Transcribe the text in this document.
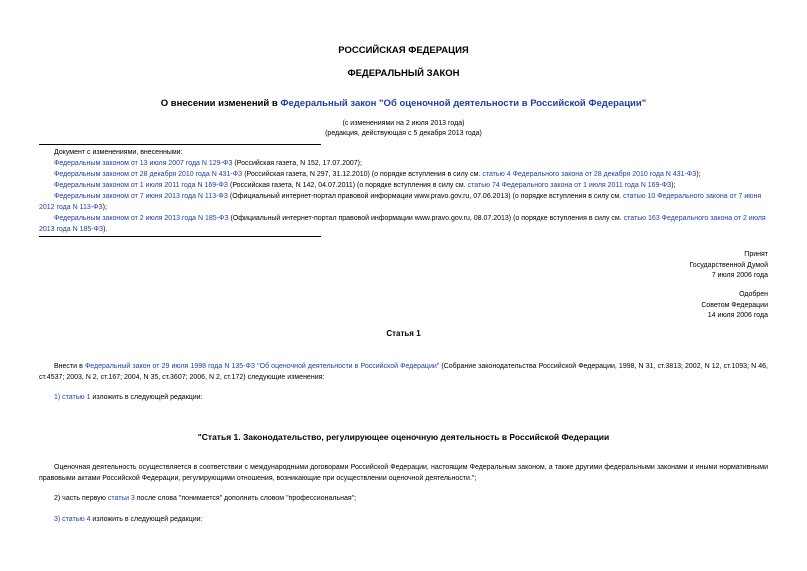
РОССИЙСКАЯ ФЕДЕРАЦИЯ
ФЕДЕРАЛЬНЫЙ ЗАКОН
О внесении изменений в Федеральный закон "Об оценочной деятельности в Российской Федерации"
(с изменениями на 2 июля 2013 года)
(редакция, действующая с 5 декабря 2013 года)
Документ с изменениями, внесенными:
Федеральным законом от 13 июля 2007 года N 129-ФЗ (Российская газета, N 152, 17.07.2007);
Федеральным законом от 28 декабря 2010 года N 431-ФЗ (Российская газета, N 297, 31.12.2010) (о порядке вступления в силу см. статью 4 Федерального закона от 28 декабря 2010 года N 431-ФЗ);
Федеральным законом от 1 июля 2011 года N 169-ФЗ (Российская газета, N 142, 04.07.2011) (о порядке вступления в силу см. статью 74 Федерального закона от 1 июля 2011 года N 169-ФЗ);
Федеральным законом от 7 июня 2013 года N 113-ФЗ (Официальный интернет-портал правовой информации www.pravo.gov.ru, 07.06.2013) (о порядке вступления в силу см. статью 10 Федерального закона от 7 июня 2012 года N 113-ФЗ);
Федеральным законом от 2 июля 2013 года N 185-ФЗ (Официальный интернет-портал правовой информации www.pravo.gov.ru, 08.07.2013) (о порядке вступления в силу см. статью 163 Федерального закона от 2 июля 2013 года N 185-ФЗ).
Принят
Государственной Думой
7 июля 2006 года
Одобрен
Советом Федерации
14 июля 2006 года
Статья 1
Внести в Федеральный закон от 29 июля 1998 года N 135-ФЗ "Об оценочной деятельности в Российской Федерации" (Собрание законодательства Российской Федерации, 1998, N 31, ст.3813; 2002, N 12, ст.1093; N 46, ст.4537; 2003, N 2, ст.167; 2004, N 35, ст.3607; 2006, N 2, ст.172) следующие изменения:
1) статью 1 изложить в следующей редакции:
"Статья 1. Законодательство, регулирующее оценочную деятельность в Российской Федерации
Оценочная деятельность осуществляется в соответствии с международными договорами Российской Федерации, настоящим Федеральным законом, а также другими федеральными законами и иными нормативными правовыми актами Российской Федерации, регулирующими отношения, возникающие при осуществлении оценочной деятельности.";
2) часть первую статьи 3 после слова "понимается" дополнить словом "профессиональная";
3) статью 4 изложить в следующей редакции:
